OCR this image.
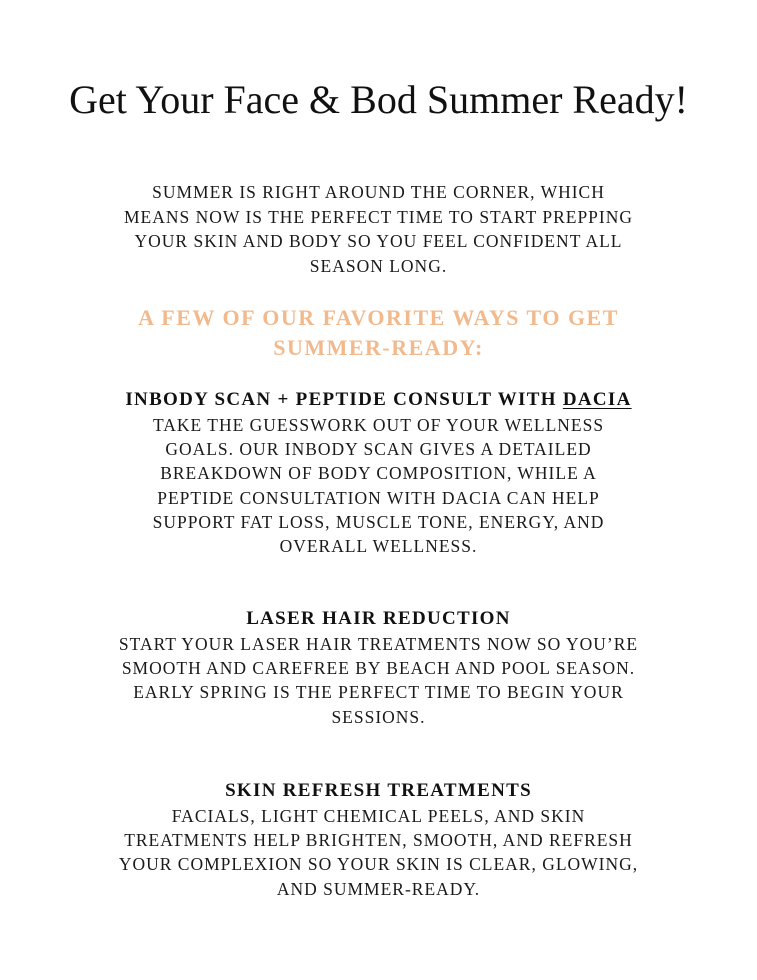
Get Your Face & Bod Summer Ready!

SUMMER IS RIGHT AROUND THE CORNER, WHICH MEANS NOW IS THE PERFECT TIME TO START PREPPING YOUR SKIN AND BODY SO YOU FEEL CONFIDENT ALL SEASON LONG.

A FEW OF OUR FAVORITE WAYS TO GET SUMMER-READY:
INBODY SCAN + PEPTIDE CONSULT WITH DACIA

TAKE THE GUESSWORK OUT OF YOUR WELLNESS GOALS. OUR INBODY SCAN GIVES A DETAILED BREAKDOWN OF BODY COMPOSITION, WHILE A PEPTIDE CONSULTATION WITH DACIA CAN HELP SUPPORT FAT LOSS, MUSCLE TONE, ENERGY, AND OVERALL WELLNESS.

LASER HAIR REDUCTION

START YOUR LASER HAIR TREATMENTS NOW SO YOU’RE SMOOTH AND CAREFREE BY BEACH AND POOL SEASON. EARLY SPRING IS THE PERFECT TIME TO BEGIN YOUR SESSIONS.

SKIN REFRESH TREATMENTS

FACIALS, LIGHT CHEMICAL PEELS, AND SKIN TREATMENTS HELP BRIGHTEN, SMOOTH, AND REFRESH YOUR COMPLEXION SO YOUR SKIN IS CLEAR, GLOWING, AND SUMMER-READY.
